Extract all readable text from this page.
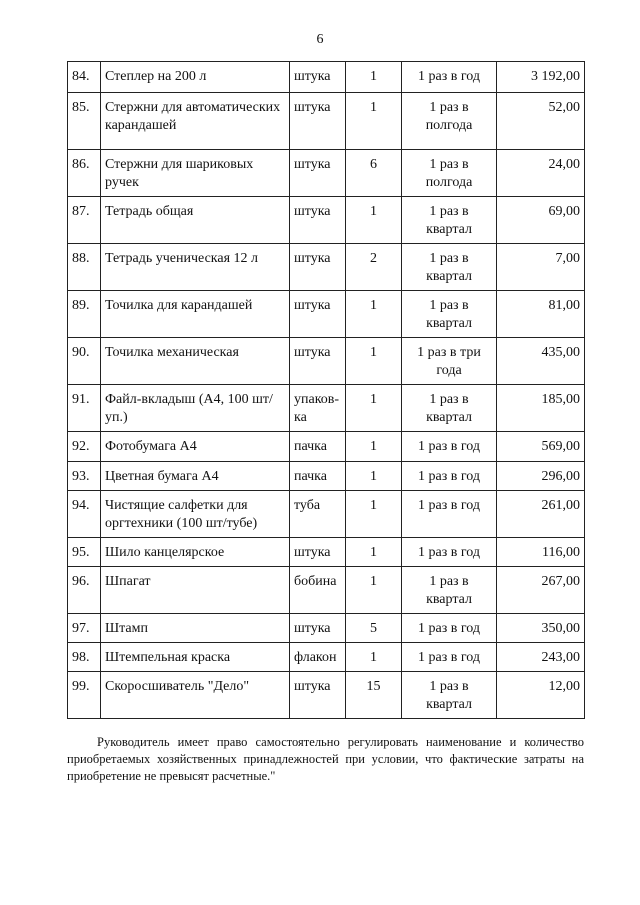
6
84.	Степлер на 200 л	штука	1	1 раз в год	3 192,00
85.	Стержни для автоматических карандашей	штука	1	1 раз в полгода	52,00
86.	Стержни для шариковых ручек	штука	6	1 раз в полгода	24,00
87.	Тетрадь общая	штука	1	1 раз в квартал	69,00
88.	Тетрадь ученическая 12 л	штука	2	1 раз в квартал	7,00
89.	Точилка для карандашей	штука	1	1 раз в квартал	81,00
90.	Точилка механическая	штука	1	1 раз в три года	435,00
91.	Файл-вкладыш (А4, 100 шт/уп.)	упаков-ка	1	1 раз в квартал	185,00
92.	Фотобумага А4	пачка	1	1 раз в год	569,00
93.	Цветная бумага А4	пачка	1	1 раз в год	296,00
94.	Чистящие салфетки для оргтехники (100 шт/тубе)	туба	1	1 раз в год	261,00
95.	Шило канцелярское	штука	1	1 раз в год	116,00
96.	Шпагат	бобина	1	1 раз в квартал	267,00
97.	Штамп	штука	5	1 раз в год	350,00
98.	Штемпельная краска	флакон	1	1 раз в год	243,00
99.	Скоросшиватель "Дело"	штука	15	1 раз в квартал	12,00
Руководитель имеет право самостоятельно регулировать наименование и количество приобретаемых хозяйственных принадлежностей при условии, что фактические затраты на приобретение не превысят расчетные."
